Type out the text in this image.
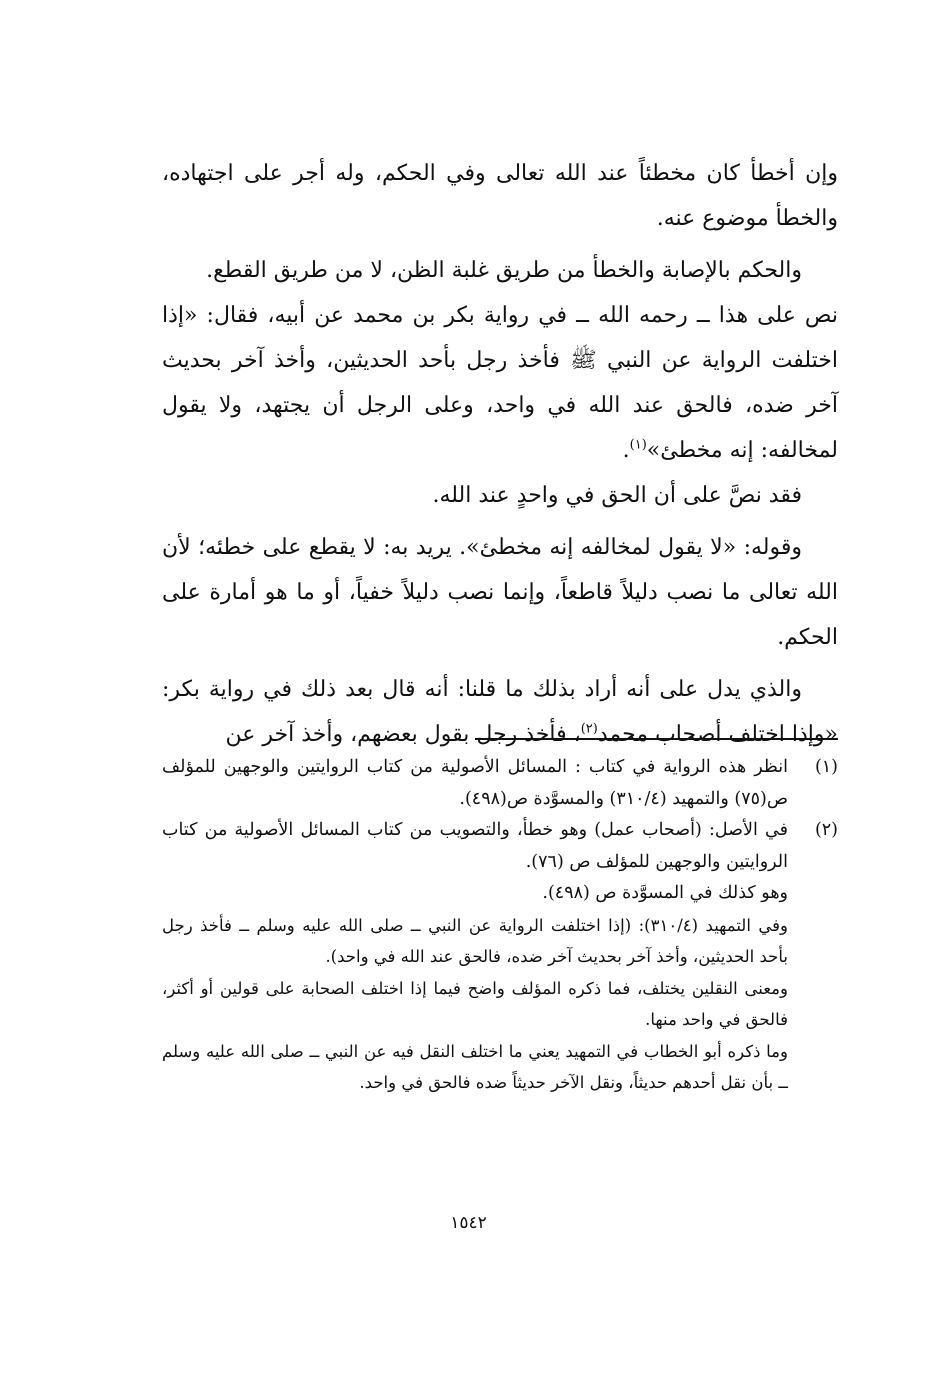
وإن أخطأ كان مخطئاً عند الله تعالى وفي الحكم، وله أجر على اجتهاده، والخطأ موضوع عنه.

والحكم بالإصابة والخطأ من طريق غلبة الظن، لا من طريق القطع.

نص على هذا ــ رحمه الله ــ في رواية بكر بن محمد عن أبيه، فقال: «إذا اختلفت الرواية عن النبي ﷺ فأخذ رجل بأحد الحديثين، وأخذ آخر بحديث آخر ضده، فالحق عند الله في واحد، وعلى الرجل أن يجتهد، ولا يقول لمخالفه: إنه مخطئ»$^{(١)}$.

فقد نصَّ على أن الحق في واحدٍ عند الله.

وقوله: «لا يقول لمخالفه إنه مخطئ». يريد به: لا يقطع على خطئه؛ لأن الله تعالى ما نصب دليلاً قاطعاً، وإنما نصب دليلاً خفياً، أو ما هو أمارة على الحكم.

والذي يدل على أنه أراد بذلك ما قلنا: أنه قال بعد ذلك في رواية بكر: «وإذا اختلف أصحاب محمد$^{(٢)}$، فأخذ رجل بقول بعضهم، وأخذ آخر عن

(١)

انظر هذه الرواية في كتاب : المسائل الأصولية من كتاب الروايتين والوجهين للمؤلف ص(٧٥) والتمهيد (٣١٠/٤) والمسوَّدة ص(٤٩٨).

(٢)

في الأصل: (أصحاب عمل) وهو خطأ، والتصويب من كتاب المسائل الأصولية من كتاب الروايتين والوجهين للمؤلف ص (٧٦).

وهو كذلك في المسوَّدة ص (٤٩٨).

وفي التمهيد (٣١٠/٤): (إذا اختلفت الرواية عن النبي ــ صلى الله عليه وسلم ــ فأخذ رجل بأحد الحديثين، وأخذ آخر بحديث آخر ضده، فالحق عند الله في واحد).

ومعنى النقلين يختلف، فما ذكره المؤلف واضح فيما إذا اختلف الصحابة على قولين أو أكثر، فالحق في واحد منها.

وما ذكره أبو الخطاب في التمهيد يعني ما اختلف النقل فيه عن النبي ــ صلى الله عليه وسلم ــ بأن نقل أحدهم حديثاً، ونقل الآخر حديثاً ضده فالحق في واحد.

١٥٤٢
